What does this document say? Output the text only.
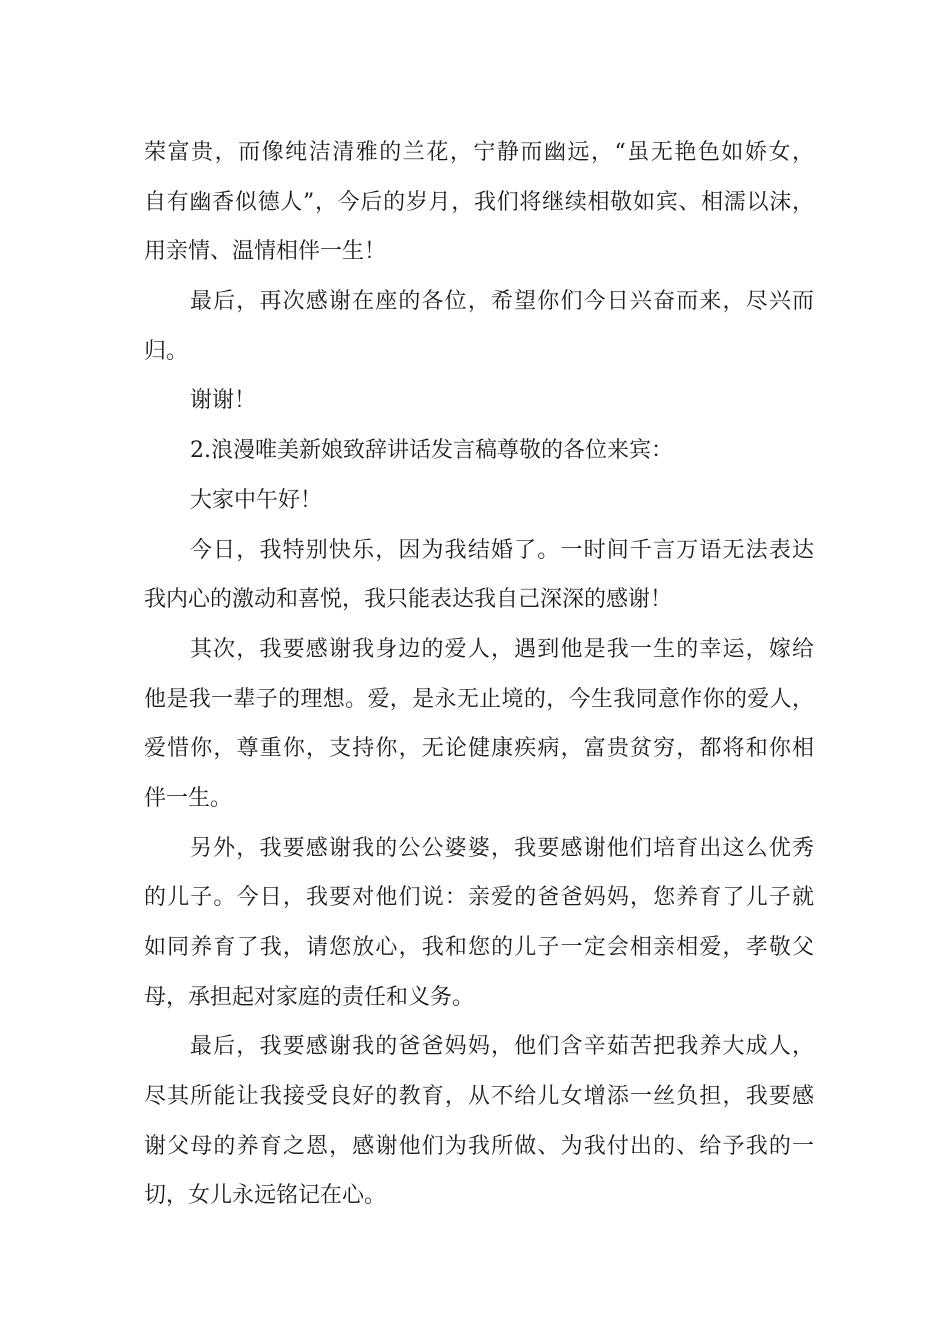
荣富贵，而像纯洁清雅的兰花，宁静而幽远，“虽无艳色如娇女，
自有幽香似德人”，今后的岁月，我们将继续相敬如宾、相濡以沫，
用亲情、温情相伴一生！
最后，再次感谢在座的各位，希望你们今日兴奋而来，尽兴而
归。
谢谢！
2.浪漫唯美新娘致辞讲话发言稿尊敬的各位来宾：
大家中午好！
今日，我特别快乐，因为我结婚了。一时间千言万语无法表达
我内心的激动和喜悦，我只能表达我自己深深的感谢！
其次，我要感谢我身边的爱人，遇到他是我一生的幸运，嫁给
他是我一辈子的理想。爱，是永无止境的，今生我同意作你的爱人，
爱惜你，尊重你，支持你，无论健康疾病，富贵贫穷，都将和你相
伴一生。
另外，我要感谢我的公公婆婆，我要感谢他们培育出这么优秀
的儿子。今日，我要对他们说：亲爱的爸爸妈妈，您养育了儿子就
如同养育了我，请您放心，我和您的儿子一定会相亲相爱，孝敬父
母，承担起对家庭的责任和义务。
最后，我要感谢我的爸爸妈妈，他们含辛茹苦把我养大成人，
尽其所能让我接受良好的教育，从不给儿女增添一丝负担，我要感
谢父母的养育之恩，感谢他们为我所做、为我付出的、给予我的一
切，女儿永远铭记在心。
